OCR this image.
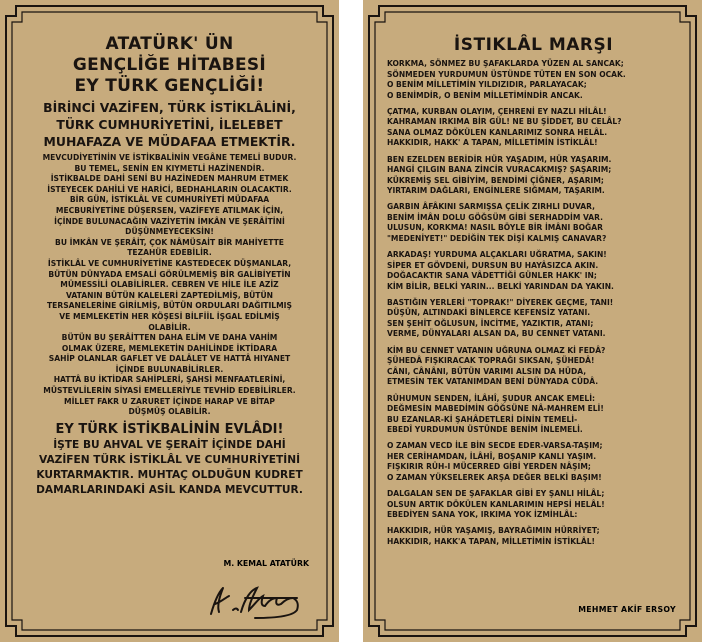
ATATÜRK' ÜN

GENÇLİĞE HİTABESİ

EY TÜRK GENÇLİĞİ!

BİRİNCİ VAZİFEN, TÜRK İSTİKLÂLİNİ,

TÜRK CUMHURİYETİNİ, İLELEBET

MUHAFAZA VE MÜDAFAA ETMEKTİR.

MEVCUDİYETİNİN VE İSTİKBALİNİN VEGÂNE TEMELİ BUDUR.

BU TEMEL, SENİN EN KIYMETLİ HAZİNENDİR.

İSTİKBALDE DAHİ SENİ BU HAZİNEDEN MAHRUM ETMEK

İSTEYECEK DAHİLİ VE HARİCİ, BEDHAHLARIN OLACAKTIR.

BİR GÜN, İSTİKLÂL VE CUMHURİYETİ MÜDAFAA

MECBURİYETİNE DÜŞERSEN, VAZİFEYE ATILMAK İÇİN,

İÇİNDE BULUNACAĞIN VAZİYETİN İMKÂN VE ŞERÂİTİNİ

DÜŞÜNMEYECEKSİN!

BU İMKÂN VE ŞERÂİT, ÇOK NÂMÜSAİT BİR MAHİYETTE

TEZAHÜR EDEBİLİR.

İSTİKLÂL VE CUMHURİYETİNE KASTEDECEK DÜŞMANLAR,

BÜTÜN DÜNYADA EMSALİ GÖRÜLMEMİŞ BİR GALİBİYETİN

MÜMESSİLİ OLABİLİRLER. CEBREN VE HİLE İLE AZİZ

VATANIN BÜTÜN KALELERİ ZAPTEDİLMİŞ, BÜTÜN

TERSANELERİNE GİRİLMİŞ, BÜTÜN ORDULARI DAĞITILMIŞ

VE MEMLEKETİN HER KÖŞESİ BİLFİİL İŞGAL EDİLMİŞ

OLABİLİR.

BÜTÜN BU ŞERÂİTTEN DAHA ELİM VE DAHA VAHİM

OLMAK ÜZERE, MEMLEKETİN DAHİLİNDE İKTİDARA

SAHİP OLANLAR GAFLET VE DALÂLET VE HATTÂ HIYANET

İÇİNDE BULUNABİLİRLER.

HATTÂ BU İKTİDAR SAHİPLERİ, ŞAHSİ MENFAATLERİNİ,

MÜSTEVLİLERİN SİYASİ EMELLERİYLE TEVHİD EDEBİLİRLER.

MİLLET FAKR U ZARURET İÇİNDE HARAP VE BİTAP

DÜŞMÜŞ OLABİLİR.

EY TÜRK İSTİKBALİNİN EVLÂDI!

İŞTE BU AHVAL VE ŞERAİT İÇİNDE DAHİ

VAZİFEN TÜRK İSTİKLÂL VE CUMHURİYETİNİ

KURTARMAKTIR. MUHTAÇ OLDUĞUN KUDRET

DAMARLARINDAKİ ASİL KANDA MEVCUTTUR.

M. KEMAL ATATÜRK

İSTIKLÂL MARŞI

KORKMA, SÖNMEZ BU ŞAFAKLARDA YÜZEN AL SANCAK;

SÖNMEDEN YURDUMUN ÜSTÜNDE TÜTEN EN SON OCAK.

O BENİM MİLLETİMİN YILDIZIDIR, PARLAYACAK;

O BENİMDİR, O BENİM MİLLETİMİNDİR ANCAK.

ÇATMA, KURBAN OLAYIM, ÇEHRENİ EY NAZLI HİLÂL!

KAHRAMAN IRKIMA BİR GÜL! NE BU ŞİDDET, BU CELÂL?

SANA OLMAZ DÖKÜLEN KANLARIMIZ SONRA HELÂL.

HAKKIDIR, HAKK' A TAPAN, MİLLETİMİN İSTİKLÂL!

BEN EZELDEN BERİDİR HÜR YAŞADIM, HÜR YAŞARIM.

HANGİ ÇILGIN BANA ZİNCİR VURACAKMIŞ? ŞAŞARIM;

KÜKREMİŞ SEL GİBİYİM, BENDİMİ ÇİĞNER, AŞARIM;

YIRTARIM DAĞLARI, ENGİNLERE SIĞMAM, TAŞARIM.

GARBIN ÂFÂKINI SARMIŞSA ÇELİK ZIRHLI DUVAR,

BENİM İMÂN DOLU GÖĞSÜM GİBİ SERHADDİM VAR.

ULUSUN, KORKMA! NASIL BÖYLE BİR İMÂNI BOĞAR

"MEDENİYET!" DEDİĞİN TEK DİŞİ KALMIŞ CANAVAR?

ARKADAŞ! YURDUMA ALÇAKLARI UĞRATMA, SAKIN!

SİPER ET GÖVDENİ, DURSUN BU HAYÂSIZCA AKIN.

DOĞACAKTIR SANA VÂDETTİĞİ GÜNLER HAKK' IN;

KİM BİLİR, BELKİ YARIN... BELKİ YARINDAN DA YAKIN.

BASTIĞIN YERLERİ "TOPRAK!" DİYEREK GEÇME, TANI!

DÜŞÜN, ALTINDAKİ BİNLERCE KEFENSİZ YATANI.

SEN ŞEHİT OĞLUSUN, İNCİTME, YAZIKTIR, ATANI;

VERME, DÜNYALARI ALSAN DA, BU CENNET VATANI.

KİM BU CENNET VATANIN UĞRUNA OLMAZ Kİ FEDÂ?

ŞÜHEDÂ FIŞKIRACAK TOPRAĞI SIKSAN, ŞÜHEDÂ!

CÂNI, CÂNÂNI, BÜTÜN VARIMI ALSIN DA HÜDA,

ETMESİN TEK VATANIMDAN BENİ DÜNYADA CÜDÂ.

RÛHUMUN SENDEN, İLÂHÎ, ŞUDUR ANCAK EMELİ:

DEĞMESİN MABEDİMİN GÖĞSÜNE NÂ-MAHREM ELİ!

BU EZANLAR-Kİ ŞAHÂDETLERİ DİNİN TEMELİ-

EBEDÎ YURDUMUN ÜSTÜNDE BENİM İNLEMELİ.

O ZAMAN VECD İLE BİN SECDE EDER-VARSA-TAŞIM;

HER CERİHAMDAN, İLÂHÎ, BOŞANIP KANLI YAŞIM.

FIŞKIRIR RÛH-I MÜCERRED GİBİ YERDEN NÂŞIM;

O ZAMAN YÜKSELEREK ARŞA DEĞER BELKİ BAŞIM!

DALGALAN SEN DE ŞAFAKLAR GİBİ EY ŞANLI HİLÂL;

OLSUN ARTIK DÖKÜLEN KANLARIMIN HEPSİ HELÂL!

EBEDİYEN SANA YOK, IRKIMA YOK İZMİHLÂL:

HAKKIDIR, HÜR YAŞAMIŞ, BAYRAĞIMIN HÜRRİYET;

HAKKIDIR, HAKK'A TAPAN, MİLLETİMİN İSTİKLÂL!

MEHMET AKİF ERSOY
